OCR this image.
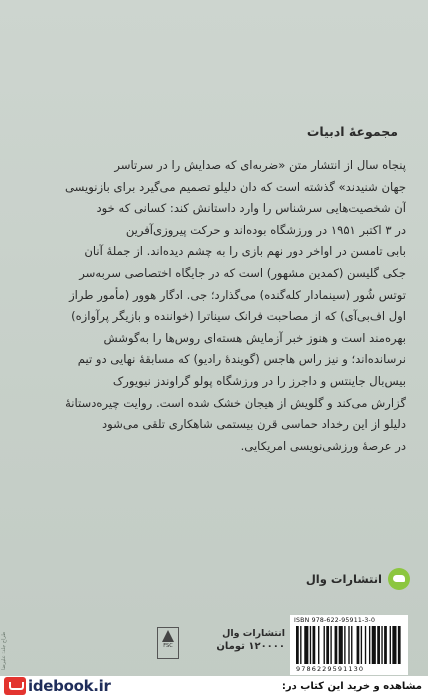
مجموعهٔ ادبیات
پنجاه سال از انتشار متن «ضربه‌ای که صدایش را در سرتاسر
جهان شنیدند» گذشته است که دان دلیلو تصمیم می‌گیرد برای بازنویسی
آن شخصیت‌هایی سرشناس را وارد داستانش کند: کسانی که خود
در ۳ اکتبر ۱۹۵۱ در ورزشگاه بوده‌اند و حرکت پیروزی‌آفرین
بابی تامسن در اواخر دور نهم بازی را به چشم دیده‌اند. از جملهٔ آنان
جکی گلیسن (کمدین مشهور) است که در جایگاه اختصاصی سربه‌سر
توتس شُور (سینمادار کله‌گنده) می‌گذارد؛ جی. ادگار هوور (مأمور طراز
اول اف‌بی‌آی) که از مصاحبت فرانک سیناترا (خواننده و بازیگر پرآوازه)
بهره‌مند است و هنوز خبر آزمایش هسته‌ای روس‌ها را به‌گوشش
نرسانده‌اند؛ و نیز راس هاجس (گویندهٔ رادیو) که مسابقهٔ نهایی دو تیم
بیس‌بال جاینتس و داجرز را در ورزشگاه پولو گراوندز نیویورک
گزارش می‌کند و گلویش از هیجان خشک شده است. روایت چیره‌دستانهٔ
دلیلو از این رخداد حماسی قرن بیستمی شاهکاری تلقی می‌شود
در عرصهٔ ورزشی‌نویسی امریکایی.
انتشارات وال
طراح جلد: علیرضا	FSC
انتشارات وال
۱۲۰۰۰۰ تومان
ISBN 978-622-95911-3-0
9786229591130
idebook.ir	مشاهده و خرید این کتاب در:
